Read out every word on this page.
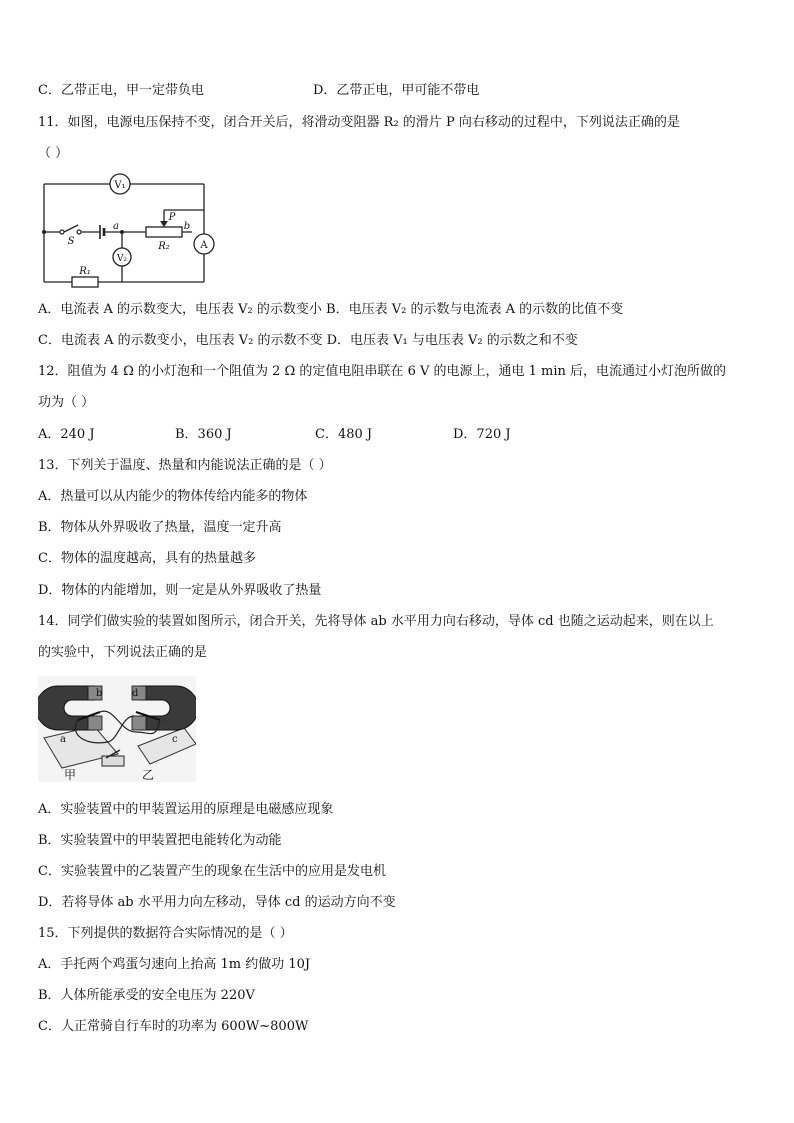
C．乙带正电，甲一定带负电	D．乙带正电，甲可能不带电
11．如图，电源电压保持不变，闭合开关后，将滑动变阻器 R₂ 的滑片 P 向右移动的过程中，下列说法正确的是
（ ）
V₁
V₂
A
S
a	b
P
R₁
R₂
A．电流表 A 的示数变大，电压表 V₂ 的示数变小 B．电压表 V₂ 的示数与电流表 A 的示数的比值不变
C．电流表 A 的示数变小，电压表 V₂ 的示数不变 D．电压表 V₁ 与电压表 V₂ 的示数之和不变
12．阻值为 4 Ω 的小灯泡和一个阻值为 2 Ω 的定值电阻串联在 6 V 的电源上，通电 1 min 后，电流通过小灯泡所做的
功为（ ）
A．240 J	B．360 J	C．480 J	D．720 J
13．下列关于温度、热量和内能说法正确的是（ ）
A．热量可以从内能少的物体传给内能多的物体
B．物体从外界吸收了热量，温度一定升高
C．物体的温度越高，具有的热量越多
D．物体的内能增加，则一定是从外界吸收了热量
14．同学们做实验的装置如图所示，闭合开关，先将导体 ab 水平用力向右移动，导体 cd 也随之运动起来，则在以上
的实验中，下列说法正确的是
a
b
c
d
甲	乙
A．实验装置中的甲装置运用的原理是电磁感应现象
B．实验装置中的甲装置把电能转化为动能
C．实验装置中的乙装置产生的现象在生活中的应用是发电机
D．若将导体 ab 水平用力向左移动，导体 cd 的运动方向不变
15．下列提供的数据符合实际情况的是（ ）
A．手托两个鸡蛋匀速向上抬高 1m 约做功 10J
B．人体所能承受的安全电压为 220V
C．人正常骑自行车时的功率为 600W~800W
